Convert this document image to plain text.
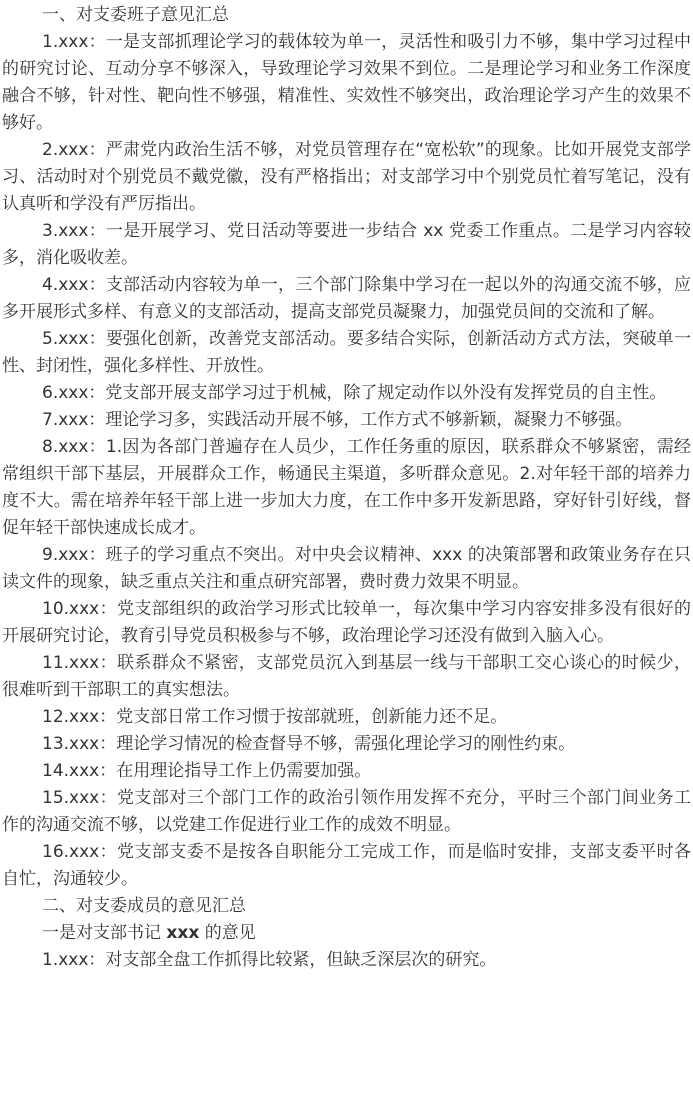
一、对支委班子意见汇总

1.xxx：一是支部抓理论学习的载体较为单一，灵活性和吸引力不够，集中学习过程中的研究讨论、互动分享不够深入，导致理论学习效果不到位。二是理论学习和业务工作深度融合不够，针对性、靶向性不够强，精准性、实效性不够突出，政治理论学习产生的效果不够好。

2.xxx：严肃党内政治生活不够，对党员管理存在“宽松软”的现象。比如开展党支部学习、活动时对个别党员不戴党徽，没有严格指出；对支部学习中个别党员忙着写笔记，没有认真听和学没有严厉指出。

3.xxx：一是开展学习、党日活动等要进一步结合 xx 党委工作重点。二是学习内容较多，消化吸收差。

4.xxx：支部活动内容较为单一，三个部门除集中学习在一起以外的沟通交流不够，应多开展形式多样、有意义的支部活动，提高支部党员凝聚力，加强党员间的交流和了解。

5.xxx：要强化创新，改善党支部活动。要多结合实际，创新活动方式方法，突破单一性、封闭性，强化多样性、开放性。

6.xxx：党支部开展支部学习过于机械，除了规定动作以外没有发挥党员的自主性。

7.xxx：理论学习多，实践活动开展不够，工作方式不够新颖，凝聚力不够强。

8.xxx：1.因为各部门普遍存在人员少，工作任务重的原因，联系群众不够紧密，需经常组织干部下基层，开展群众工作，畅通民主渠道，多听群众意见。2.对年轻干部的培养力度不大。需在培养年轻干部上进一步加大力度，在工作中多开发新思路，穿好针引好线，督促年轻干部快速成长成才。

9.xxx：班子的学习重点不突出。对中央会议精神、xxx 的决策部署和政策业务存在只读文件的现象，缺乏重点关注和重点研究部署，费时费力效果不明显。

10.xxx：党支部组织的政治学习形式比较单一，每次集中学习内容安排多没有很好的开展研究讨论，教育引导党员积极参与不够，政治理论学习还没有做到入脑入心。

11.xxx：联系群众不紧密，支部党员沉入到基层一线与干部职工交心谈心的时候少，很难听到干部职工的真实想法。

12.xxx：党支部日常工作习惯于按部就班，创新能力还不足。

13.xxx：理论学习情况的检查督导不够，需强化理论学习的刚性约束。

14.xxx：在用理论指导工作上仍需要加强。

15.xxx：党支部对三个部门工作的政治引领作用发挥不充分，平时三个部门间业务工作的沟通交流不够，以党建工作促进行业工作的成效不明显。

16.xxx：党支部支委不是按各自职能分工完成工作，而是临时安排，支部支委平时各自忙，沟通较少。

二、对支委成员的意见汇总

一是对支部书记 xxx 的意见

1.xxx：对支部全盘工作抓得比较紧，但缺乏深层次的研究。
